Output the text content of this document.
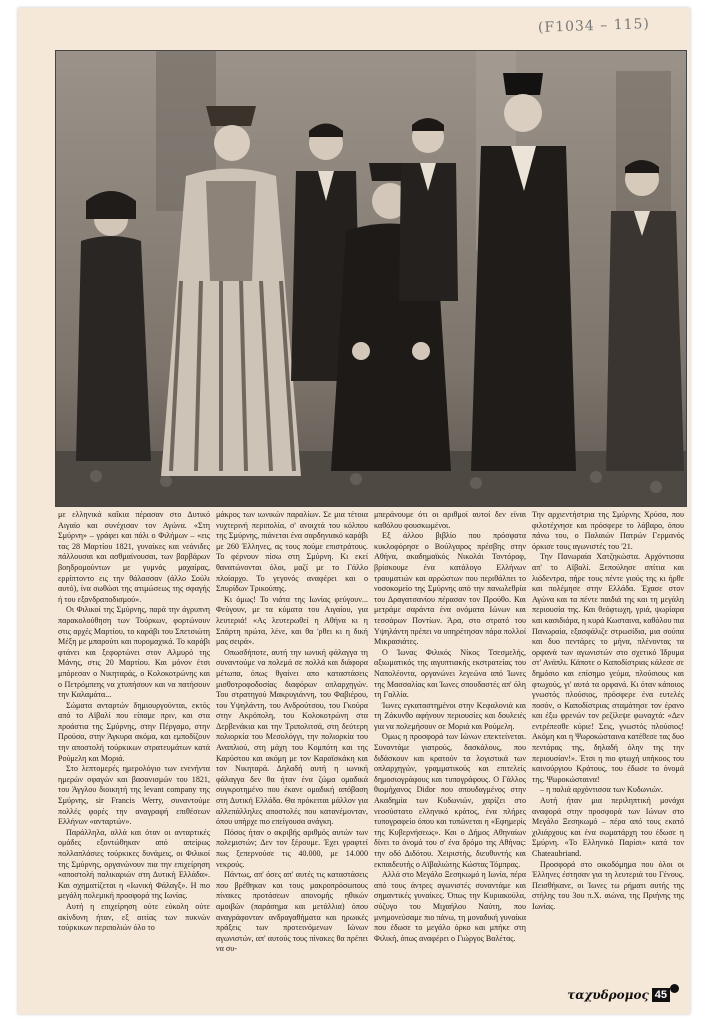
(F1034 – 115)

με ελληνικά καΐκια πέρασαν στο Δυτικό Αιγαίο και συνέχισαν τον Αγώνα. «Στη Σμύρνη» – γράφει και πάλι ο Φιλήμων – «εις τας 28 Μαρτίου 1821, γυναίκες και νεάνιδες πάλλουσαι και ασθμαίνουσαι, των βαρβάρων βοηδρομούντων με γυμνάς μαχαίρας, ερρίπτοντο εις την θάλασσαν (άλλο Σούλι αυτό), ίνα σωθώσι της ατιμώσεως της σφαγής ή του εξανδραποδισμού».

Οι Φιλικοί της Σμύρνης, παρά την άγρυπνη παρακολούθηση των Τούρκων, φορτώνουν στις αρχές Μαρτίου, το καράβι του Σπετσιώτη Μέξη με μπαρούτι και πυρομαχικά. Το καράβι φτάνει και ξεφορτώνει στον Αλμυρό της Μάνης, στις 20 Μαρτίου. Και μόνον έτσι μπόρεσαν ο Νικηταράς, ο Κολοκοτρώνης και ο Πετρόμπεης να χτυπήσουν και να πατήσουν την Καλαμάτα...

Σώματα ανταρτών δημιουργούνται, εκτός από το Αϊβαλί που είπαμε πριν, και στα προάστια της Σμύρνης, στην Πέργαμο, στην Προύσα, στην Άγκυρα ακόμα, και εμποδίζουν την αποστολή τούρκικων στρατευμάτων κατά Ρούμελη και Μοριά.

Στο λεπτομερές ημερολόγιο των ενενήντα ημερών σφαγών και βασανισμών του 1821, του Άγγλου διοικητή της levant company της Σμύρνης, sir Francis Werry, συναντούμε πολλές φορές την αναγραφή επιθέσεων Ελλήνων «ανταρτών».

Παράλληλα, αλλά και όταν οι ανταρτικές ομάδες εξοντώθηκαν από απείρως πολλαπλάσιες τούρκικες δυνάμεις, οι Φιλικοί της Σμύρνης, οργανώνουν πια την επιχείρηση «αποστολή παλικαριών στη Δυτική Ελλάδα». Και σχηματίζεται η «Ιωνική Φάλαγξ». Η πιο μεγάλη πολεμική προσφορά της Ιωνίας.

Αυτή η επιχείρηση ούτε εύκολη ούτε ακίνδυνη ήταν, εξ αιτίας των πυκνών τούρκικων περιπολιών όλο το

μάκρος των ιωνικών παραλίων. Σε μια τέτοια νυχτερινή περιπολία, σ' ανοιχτά του κόλπου της Σμύρνης, πιάνεται ένα σαρδηνιακό καράβι με 260 Έλληνες, ας τους πούμε επιστράτους. Το φέρνουν πίσω στη Σμύρνη. Κι εκεί θανατώνονται όλοι, μαζί με το Γάλλο πλοίαρχο. Το γεγονός αναφέρει και ο Σπυρίδων Τρικούπης.

Κι όμως! Το νιάτα της Ιωνίας φεύγουν... Φεύγουν, με τα κύματα του Αιγαίου, για λευτεριά! «Ας λευτερωθεί η Αθήνα κι η Σπάρτη πρώτα, λένε, και θα 'ρθει κι η δική μας σειρά».

Οπωσδήποτε, αυτή την ιωνική φάλαγγα τη συναντούμε να πολεμά σε πολλά και διάφορα μέτωπα, όπως θγαίνει απο καταστάσεις μισθοτροφοδοσίας διαφόρων οπλαρχηγών. Του στρατηγού Μακρυγιάννη, του Φαβιέρου, του Υψηλάντη, του Ανδρούτσου, του Γκούρα στην Ακρόπολη, του Κολοκοτρώνη στα Δερβενάκια και την Τριπολιτσά, στη δεύτερη πολιορκία του Μεσολόγγι, την πολιορκία του Αναπλιού, στη μάχη του Κομπότη και της Καρύστου και ακόμη με τον Καραϊσκάκη και τον Νικηταρά. Δηλαδή αυτή η ιωνική φάλαγγα δεν θα ήταν ένα ζώμα ομαδικά συγκροτημένο που έκανε ομαδική απόβαση στη Δυτική Ελλάδα. Θα πρόκειται μάλλον για αλλεπάλληλες αποστολές που κατανέμονταν, όπου υπήρχε πιο επείγουσα ανάγκη.

Πόσος ήταν ο ακριβής αριθμός αυτών των πολεμιστών; Δεν τον ξέρουμε. Έχει γραφτεί πως ξεπερνούσε τις 40.000, με 14.000 νεκρούς.

Πάντως, απ' όσες απ' αυτές τις καταστάσεις που βρέθηκαν και τους μακροπρόσωπους πίνακες προτάσεων απονομής ηθικών αμοιβών (παράσημα και μετάλλια) όπου αναγράφονταν ανδραγαθήματα και ηρωικές πράξεις των προτεινόμενων Ιώνων αγωνιστών, απ' αυτούς τους πίνακες θα πρέπει να συ-

μπεράνουμε ότι οι αριθμοί αυτοί δεν είναι καθόλου φουσκωμένοι.

Εξ άλλου βιβλίο που πρόσφατα κυκλοφόρησε ο Βούλγαρος πρέσβης στην Αθήνα, ακαδημαϊκός Νικολάι Τοντόροφ, βρίσκουμε ένα κατάλογο Ελλήνων τραυματιών και αρρώστων που περιθάλπει το νοσοκομείο της Σμύρνης από την πανωλεθρία του Δραγατσανίου πέρασαν τον Προύθο. Και μετράμε σαράντα ένα ονόματα Ιώνων και τεσσάρων Ποντίων. Άρα, στο στρατό του Υψηλάντη πρέπει να υπηρέτησαν πάρα πολλοί Μικρασιάτες.

Ο Ίωνας Φιλικός Νίκος Τσεσμελής, αξιωματικός της αιγυπτιακής εκστρατείας του Ναπολέοντα, οργανώνει λεγεώνα από Ίωνες της Μασσαλίας και Ίωνες σπουδαστές απ' όλη τη Γαλλία.

Ίωνες εγκαταστημένοι στην Κεφαλονιά και τη Ζάκυνθο αφήνουν περιουσίες και δουλειές για να πολεμήσουν σε Μοριά και Ρούμελη.

Όμως η προσφορά των Ιώνων επεκτείνεται. Συναντάμε γιατρούς, δασκάλους, που διδάσκουν και κρατούν τα λογιστικά των οπλαρχηγών, γραμματικούς και επιτελείς δημοσιογράφους και τυπογράφους. Ο Γάλλος θιομήχανος Didor που σπουδαγμένος στην Ακαδημία των Κυδωνιών, χαρίζει στο νεοσύστατο ελληνικό κράτος, ένα πλήρες τυπογραφείο όπου και τυπώνεται η «Εφημερίς της Κυβερνήσεως». Και ο Δήμος Αθηναίων δίνει το όνομά του σ' ένα δρόμο της Αθήνας: την οδό Διδότου. Χειριστής, διευθυντής και εκπαιδευτής ο Αϊβαλιώτης Κώστας Τόμπρας.

Αλλά στο Μεγάλο Ξεσηκωμό η Ιωνία, πέρα από τους άντρες αγωνιστές συναντάμε και σημαντικές γυναίκες. Όπως την Κυριακούλα, σύζυγο του Μιχαήλου Ναύτη, που μνημονεύσαμε πιο πάνω, τη μοναδική γυναίκα που έδωσε το μεγάλο όρκο και μπήκε στη Φιλική, όπως αναφέρει ο Γιώργος Βαλέτας.

Την αρχιεντήστρια της Σμύρνης Χρύσα, που φιλοτέχνησε και πρόσφερε το λάβαρο, όπου πάνω του, ο Παλαιών Πατρών Γερμανός όρκισε τους αγωνιστές του '21.

Την Πανωραία Χατζηκώστα. Αρχόντισσα απ' το Αϊβαλί. Ξεπούλησε σπίτια και λιόδεντρα, πήρε τους πέντε γιούς της κι ήρθε και πολέμησε στην Ελλάδα. Έχασε στον Αγώνα και τα πέντε παιδιά της και τη μεγάλη περιουσία της. Και θεόφτωχη, γριά, ψωρίαρα και κασιδιάρα, η κυρά Κωσταινα, καθόλου πια Πανωραία, εξασφάλιζε στρωσίδια, μια σούπα και δυο πεντάρες το μήνα, πλένοντας τα ορφανά των αγωνιστών στο σχετικό Ίδρυμα στ' Ανάπλι. Κάποτε ο Καποδίστριας κάλεσε σε δημόσιο και επίσημο γεύμα, πλούσιους και φτωχούς, γι' αυτά τα ορφανά. Κι όταν κάποιος γνωστός πλούσιος, πρόσφερε ένα ευτελές ποσόν, ο Καποδίστριας σταμάτησε τον έρανο και έξω φρενών τον ρεζίλεψε φωναχτά: «Δεν εντρέπεσθε κύριε! Σεις, γνωστός πλούσιος! Ακόμη και η Ψωροκώσταινα κατέθεσε τας δυο πεντάρας της, δηλαδή όλην της την περιουσίαν!». Έτσι η πιο φτωχή υπήκοος του καινούργιου Κράτους, του έδωσε το όνομά της. Ψωροκώσταινα!

– η παλιά αρχόντισσα των Κυδωνιών.

Αυτή ήταν μια περιληπτική μονάχα αναφορά στην προσφορά των Ιώνων στο Μεγάλο Ξεσηκωμό – πέρα από τους εκατό χιλιάρχους και ένα σωματάρχη του έδωσε η Σμύρνη. «Το Ελληνικό Παρίσι» κατά τον Chateaubriand.

Προσφορά στο οικοδόμημα που όλοι οι Έλληνες έστησαν για τη λευτεριά του Γένους. Πεισθήκανε, οι Ίωνες τω ρήματι αυτής της στήλης του 3ου π.Χ. αιώνα, της Πριήνης της Ιωνίας.

ταχυδρομος 45
